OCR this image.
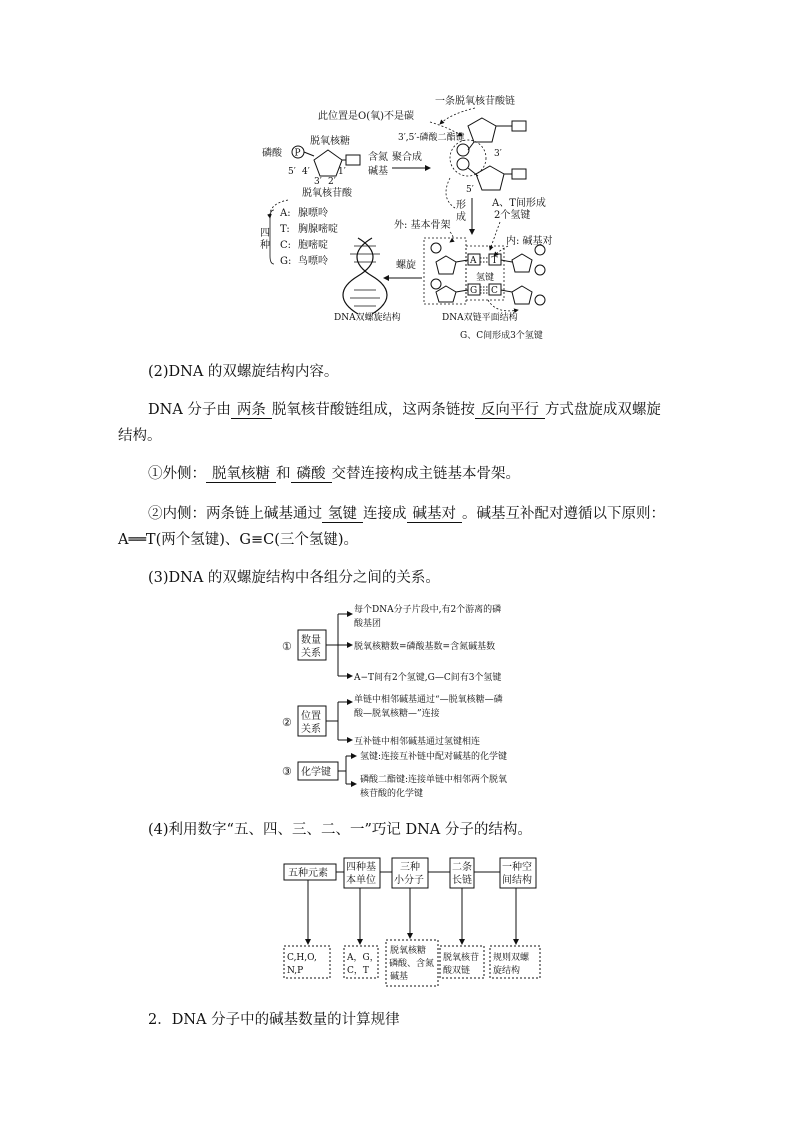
一条脱氧核苷酸链
此位置是O(氧)不是碳
3′,5′-磷酸二酯键
3′
5′
磷酸 P
脱氧核糖
5′ 4′	1′
3′ 2′
含氮
碱基
脱氧核苷酸
聚合成
四
种
A: 腺嘌呤
T: 胸腺嘧啶
C: 胞嘧啶
G: 鸟嘌呤
形
成
A、T间形成
2个氢键
外: 基本骨架
内: 碱基对
A T
氢键
G C
螺旋
DNA双螺旋结构	DNA双链平面结构
G、C间形成3个氢键
(2)DNA 的双螺旋结构内容。
DNA 分子由 两条 脱氧核苷酸链组成，这两条链按 反向平行 方式盘旋成双螺旋
结构。
①外侧： 脱氧核糖 和 磷酸 交替连接构成主链基本骨架。
②内侧：两条链上碱基通过 氢键 连接成 碱基对 。碱基互补配对遵循以下原则：
A══T(两个氢键)、G≡C(三个氢键)。
(3)DNA 的双螺旋结构中各组分之间的关系。
① 数量
关系
每个DNA分子片段中,有2个游离的磷
酸基团
脱氧核糖数=磷酸基数=含氮碱基数
A−T间有2个氢键,G—C间有3个氢键
② 位置
关系
单链中相邻碱基通过“—脱氧核糖—磷
酸—脱氧核糖—”连接
互补链中相邻碱基通过氢键相连
③ 化学键
氢键:连接互补链中配对碱基的化学键
磷酸二酯键:连接单链中相邻两个脱氧
核苷酸的化学键
(4)利用数字“五、四、三、二、一”巧记 DNA 分子的结构。
五种元素
四种基
本单位
三种
小分子
二条
长链
一种空
间结构
C,H,O,
N,P
A，G，
C，T
脱氧核糖
磷酸、含氮
碱基
脱氧核苷
酸双链
规则双螺
旋结构
2．DNA 分子中的碱基数量的计算规律
